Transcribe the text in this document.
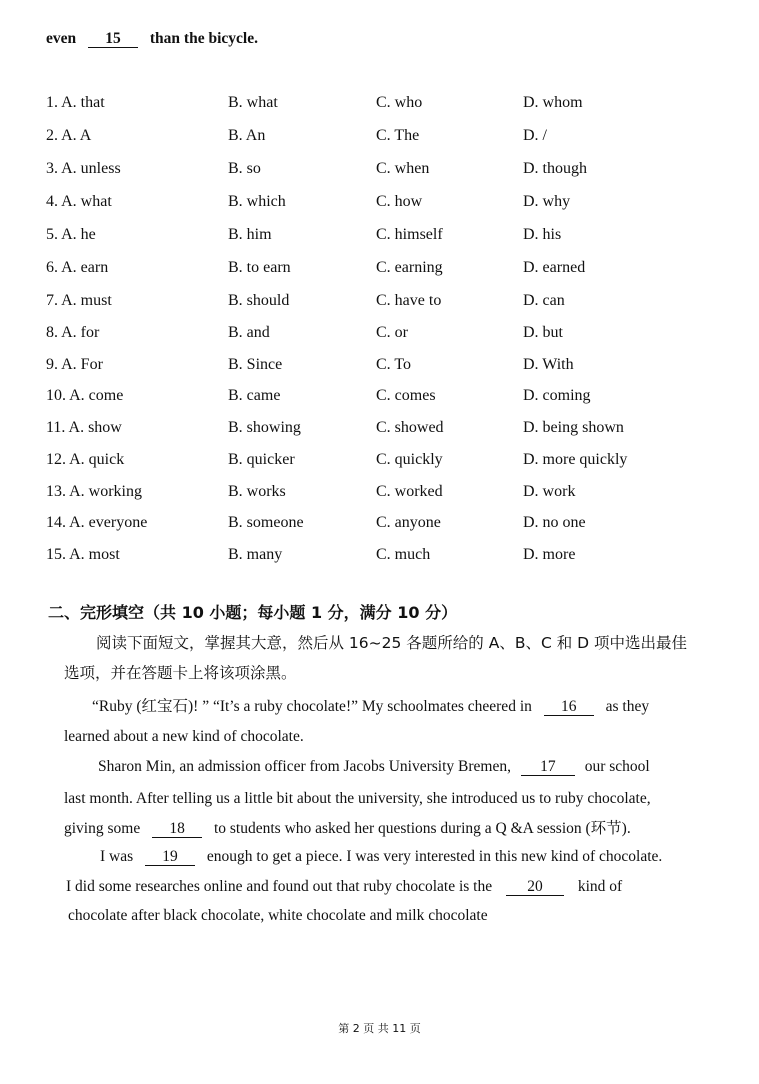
even 15 than the bicycle.
1. A. that	B. what	C. who	D. whom
2. A. A	B. An	C. The	D. /
3. A. unless	B. so	C. when	D. though
4. A. what	B. which	C. how	D. why
5. A. he	B. him	C. himself	D. his
6. A. earn	B. to earn	C. earning	D. earned
7. A. must	B. should	C. have to	D. can
8. A. for	B. and	C. or	D. but
9. A. For	B. Since	C. To	D. With
10. A. come	B. came	C. comes	D. coming
11. A. show	B. showing	C. showed	D. being shown
12. A. quick	B. quicker	C. quickly	D. more quickly
13. A. working	B. works	C. worked	D. work
14. A. everyone	B. someone	C. anyone	D. no one
15. A. most	B. many	C. much	D. more
二、完形填空（共 10 小题；每小题 1 分，满分 10 分）
阅读下面短文，掌握其大意，然后从 16~25 各题所给的 A、B、C 和 D 项中选出最佳选项，并在答题卡上将该项涂黑。
“Ruby (红宝石)! ” “It’s a ruby chocolate!” My schoolmates cheered in 16 as they
learned about a new kind of chocolate.
Sharon Min, an admission officer from Jacobs University Bremen, 17 our school
last month. After telling us a little bit about the university, she introduced us to ruby chocolate,
giving some 18 to students who asked her questions during a Q &A session (环节).
I was 19 enough to get a piece. I was very interested in this new kind of chocolate.
I did some researches online and found out that ruby chocolate is the 20 kind of
chocolate after black chocolate, white chocolate and milk chocolate
第 2 页 共 11 页
